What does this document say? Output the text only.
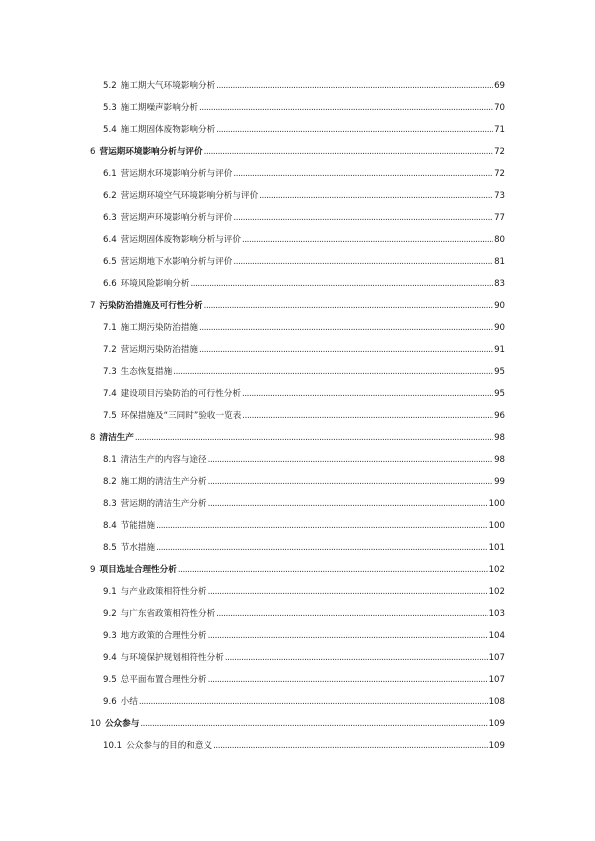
5.2 施工期大气环境影响分析 .....	69
5.3 施工期噪声影响分析 .....	70
5.4 施工期固体废物影响分析 .....	71
6 营运期环境影响分析与评价 .....	72
6.1 营运期水环境影响分析与评价 .....	72
6.2 营运期环境空气环境影响分析与评价 .....	73
6.3 营运期声环境影响分析与评价 .....	77
6.4 营运期固体废物影响分析与评价 .....	80
6.5 营运期地下水影响分析与评价 .....	81
6.6 环境风险影响分析 .....	83
7 污染防治措施及可行性分析 .....	90
7.1 施工期污染防治措施 .....	90
7.2 营运期污染防治措施 .....	91
7.3 生态恢复措施 .....	95
7.4 建设项目污染防治的可行性分析 .....	95
7.5 环保措施及“三同时”验收一览表 .....	96
8 清洁生产 .....	98
8.1 清洁生产的内容与途径 .....	98
8.2 施工期的清洁生产分析 .....	99
8.3 营运期的清洁生产分析 .....	100
8.4 节能措施 .....	100
8.5 节水措施 .....	101
9 项目选址合理性分析 .....	102
9.1 与产业政策相符性分析 .....	102
9.2 与广东省政策相符性分析 .....	103
9.3 地方政策的合理性分析 .....	104
9.4 与环境保护规划相符性分析 .....	107
9.5 总平面布置合理性分析 .....	107
9.6 小结 .....	108
10 公众参与 .....	109
10.1 公众参与的目的和意义 .....	109
